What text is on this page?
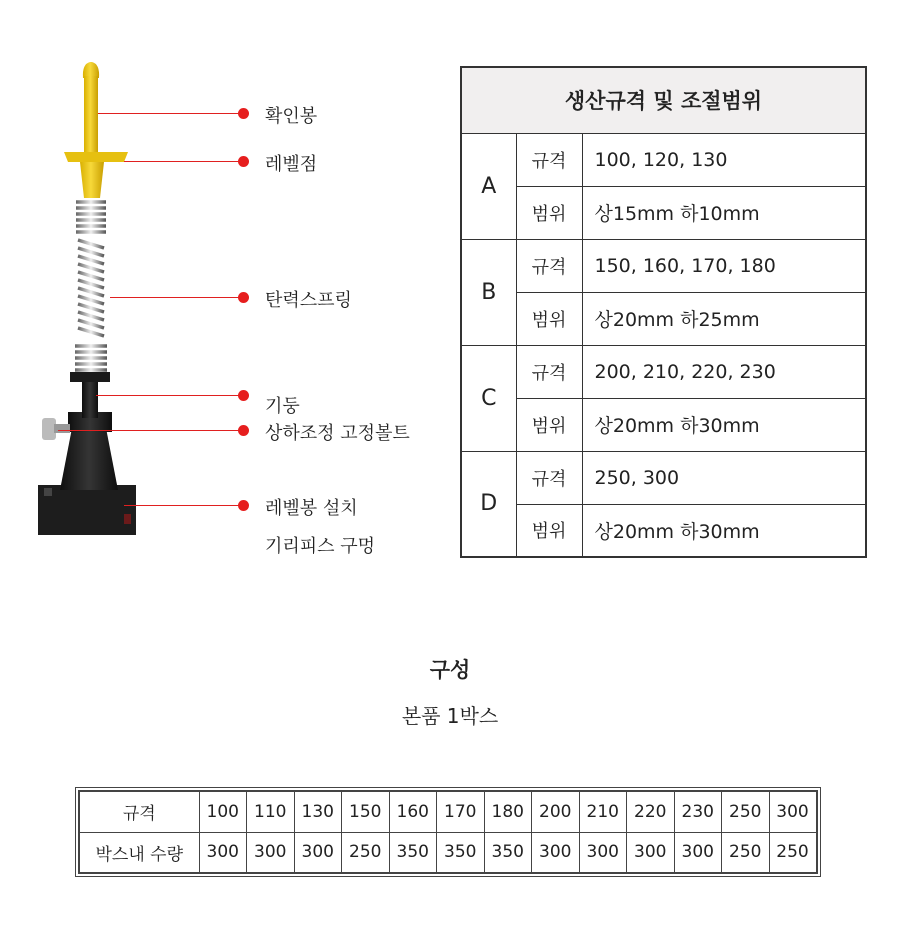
확인봉
레벨점
탄력스프링
기둥
상하조정 고정볼트
레벨봉 설치
기리피스 구멍
생산규격 및 조절범위		
A	규격	100, 120, 130
	범위	상15mm 하10mm
B	규격	150, 160, 170, 180
	범위	상20mm 하25mm
C	규격	200, 210, 220, 230
	범위	상20mm 하30mm
D	규격	250, 300
	범위	상20mm 하30mm
구성
본품 1박스
규격	100	110	130	150	160	170	180	200	210	220	230	250	300
박스내 수량	300	300	300	250	350	350	350	300	300	300	300	250	250
